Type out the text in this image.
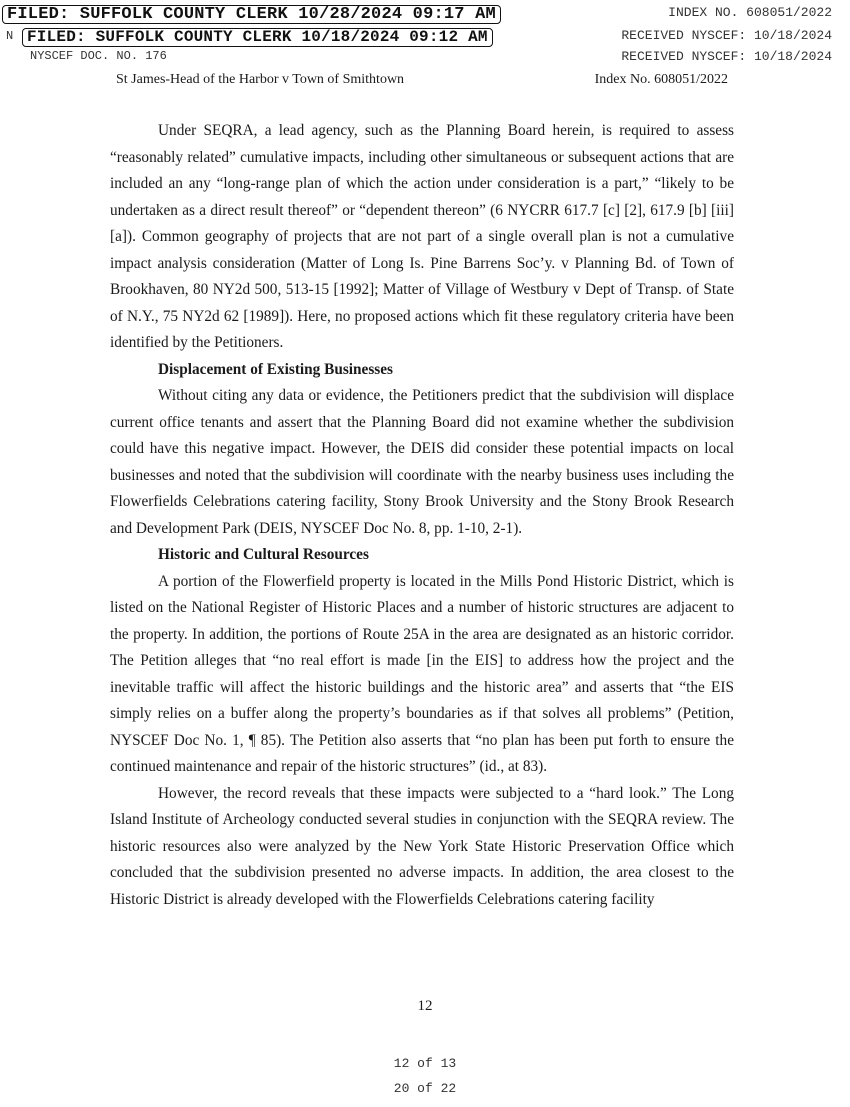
FILED: SUFFOLK COUNTY CLERK 10/28/2024 09:17 AM
FILED: SUFFOLK COUNTY CLERK 10/18/2024 09:12 AM
N
INDEX NO. 608051/2022
RECEIVED NYSCEF: 10/18/2024
RECEIVED NYSCEF: 10/18/2024
NYSCEF DOC. NO. 176
St James-Head of the Harbor v Town of Smithtown	Index No. 608051/2022

Under SEQRA, a lead agency, such as the Planning Board herein, is required to assess “reasonably related” cumulative impacts, including other simultaneous or subsequent actions that are included an any “long-range plan of which the action under consideration is a part,” “likely to be undertaken as a direct result thereof” or “dependent thereon” (6 NYCRR 617.7 [c] [2], 617.9 [b] [iii] [a]). Common geography of projects that are not part of a single overall plan is not a cumulative impact analysis consideration (Matter of Long Is. Pine Barrens Soc’y. v Planning Bd. of Town of Brookhaven, 80 NY2d 500, 513-15 [1992]; Matter of Village of Westbury v Dept of Transp. of State of N.Y., 75 NY2d 62 [1989]). Here, no proposed actions which fit these regulatory criteria have been identified by the Petitioners.

Displacement of Existing Businesses

Without citing any data or evidence, the Petitioners predict that the subdivision will displace current office tenants and assert that the Planning Board did not examine whether the subdivision could have this negative impact. However, the DEIS did consider these potential impacts on local businesses and noted that the subdivision will coordinate with the nearby business uses including the Flowerfields Celebrations catering facility, Stony Brook University and the Stony Brook Research and Development Park (DEIS, NYSCEF Doc No. 8, pp. 1-10, 2-1).

Historic and Cultural Resources

A portion of the Flowerfield property is located in the Mills Pond Historic District, which is listed on the National Register of Historic Places and a number of historic structures are adjacent to the property. In addition, the portions of Route 25A in the area are designated as an historic corridor. The Petition alleges that “no real effort is made [in the EIS] to address how the project and the inevitable traffic will affect the historic buildings and the historic area” and asserts that “the EIS simply relies on a buffer along the property’s boundaries as if that solves all problems” (Petition, NYSCEF Doc No. 1, ¶ 85). The Petition also asserts that “no plan has been put forth to ensure the continued maintenance and repair of the historic structures” (id., at 83).

However, the record reveals that these impacts were subjected to a “hard look.” The Long Island Institute of Archeology conducted several studies in conjunction with the SEQRA review. The historic resources also were analyzed by the New York State Historic Preservation Office which concluded that the subdivision presented no adverse impacts. In addition, the area closest to the Historic District is already developed with the Flowerfields Celebrations catering facility

12
12 of 13
20 of 22
